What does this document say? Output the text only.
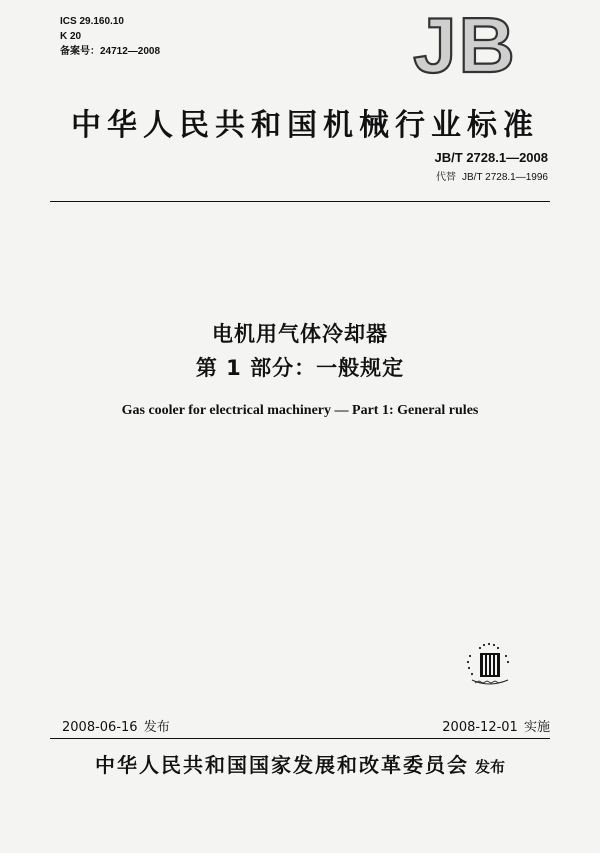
ICS 29.160.10
K 20
备案号：24712—2008	JB
中华人民共和国机械行业标准
JB/T 2728.1—2008
代替 JB/T 2728.1—1996
电机用气体冷却器
第 1 部分：一般规定
Gas cooler for electrical machinery — Part 1: General rules
2008-06-16 发布	2008-12-01 实施
中华人民共和国国家发展和改革委员会 发布
